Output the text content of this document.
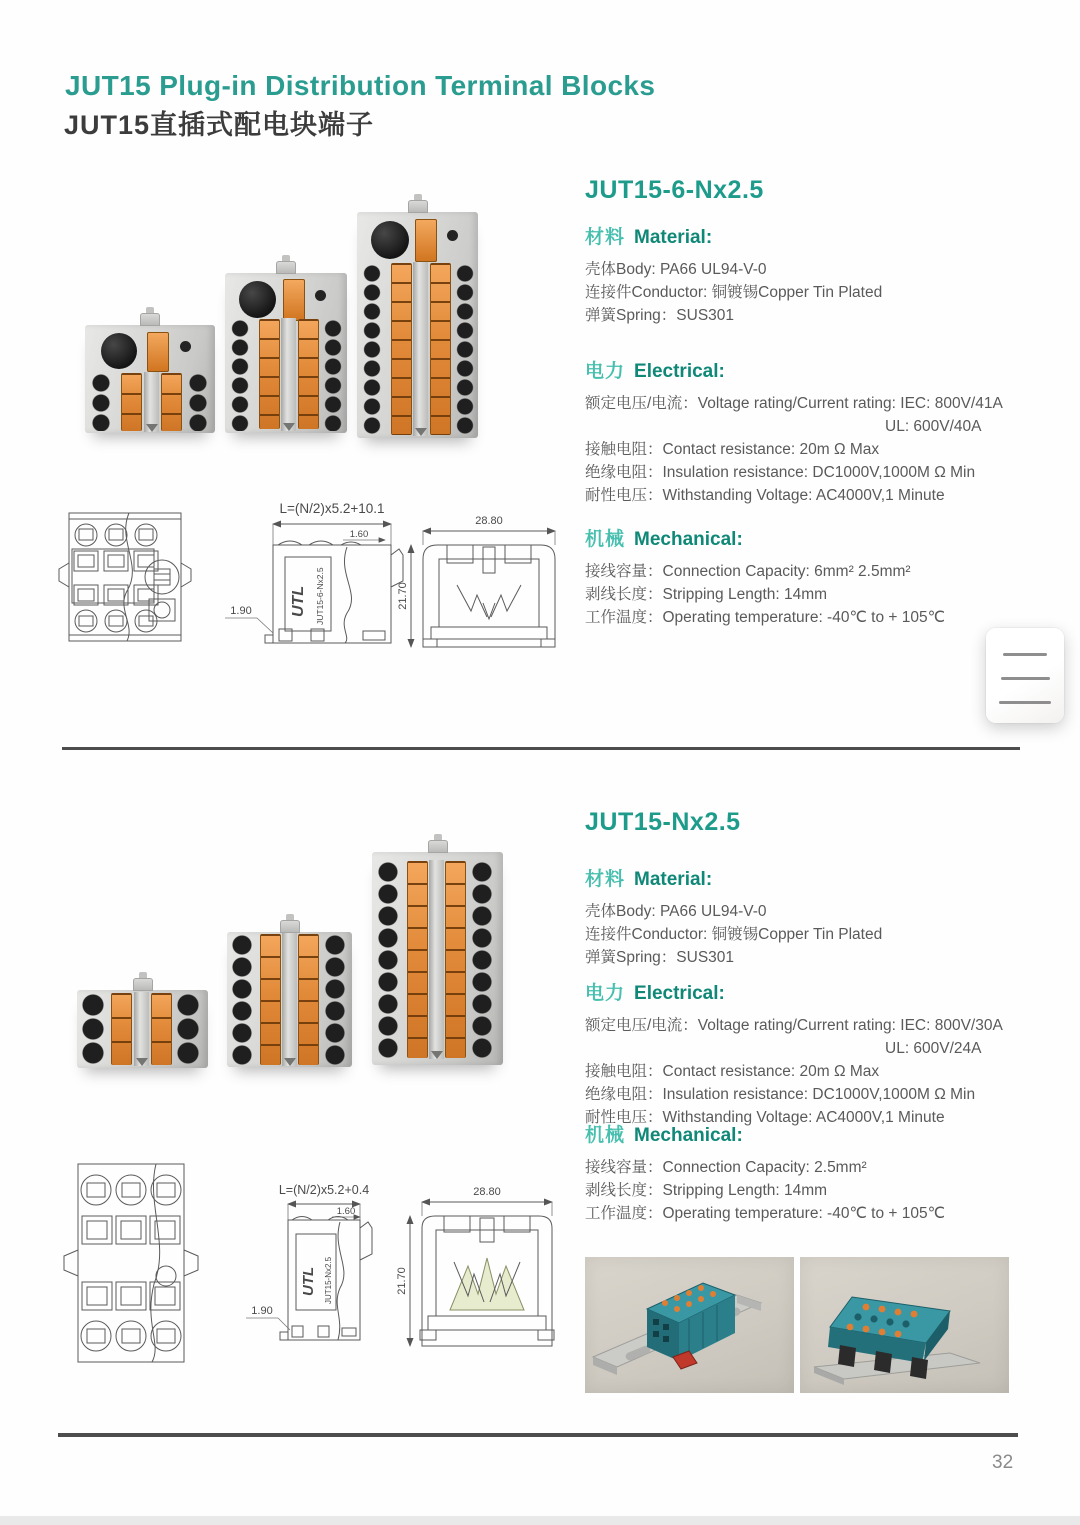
JUT15 Plug-in Distribution Terminal Blocks
JUT15直插式配电块端子
JUT15-6-Nx2.5
材料 Material:
壳体Body: PA66 UL94-V-0
连接件Conductor: 铜镀锡Copper Tin Plated
弹簧Spring：SUS301
电力 Electrical:
额定电压/电流：Voltage rating/Current rating: IEC: 800V/41A
UL: 600V/40A
接触电阻：Contact resistance: 20m Ω Max
绝缘电阻：Insulation resistance: DC1000V,1000M Ω Min
耐性电压：Withstanding Voltage: AC4000V,1 Minute
机械 Mechanical:
接线容量：Connection Capacity: 6mm² 2.5mm²
剥线长度：Stripping Length: 14mm
工作温度：Operating temperature: -40℃ to + 105℃
L=(N/2)x5.2+10.1
1.60
UTL JUT15-6-Nx2.5
1.90
28.80
21.70
JUT15-Nx2.5
材料 Material:
壳体Body: PA66 UL94-V-0
连接件Conductor: 铜镀锡Copper Tin Plated
弹簧Spring：SUS301
电力 Electrical:
额定电压/电流：Voltage rating/Current rating: IEC: 800V/30A
UL: 600V/24A
接触电阻：Contact resistance: 20m Ω Max
绝缘电阻：Insulation resistance: DC1000V,1000M Ω Min
耐性电压：Withstanding Voltage: AC4000V,1 Minute
机械 Mechanical:
接线容量：Connection Capacity: 2.5mm²
剥线长度：Stripping Length: 14mm
工作温度：Operating temperature: -40℃ to + 105℃
L=(N/2)x5.2+0.4
1.60
UTL JUT15-Nx2.5
1.90
28.80
21.70
32
